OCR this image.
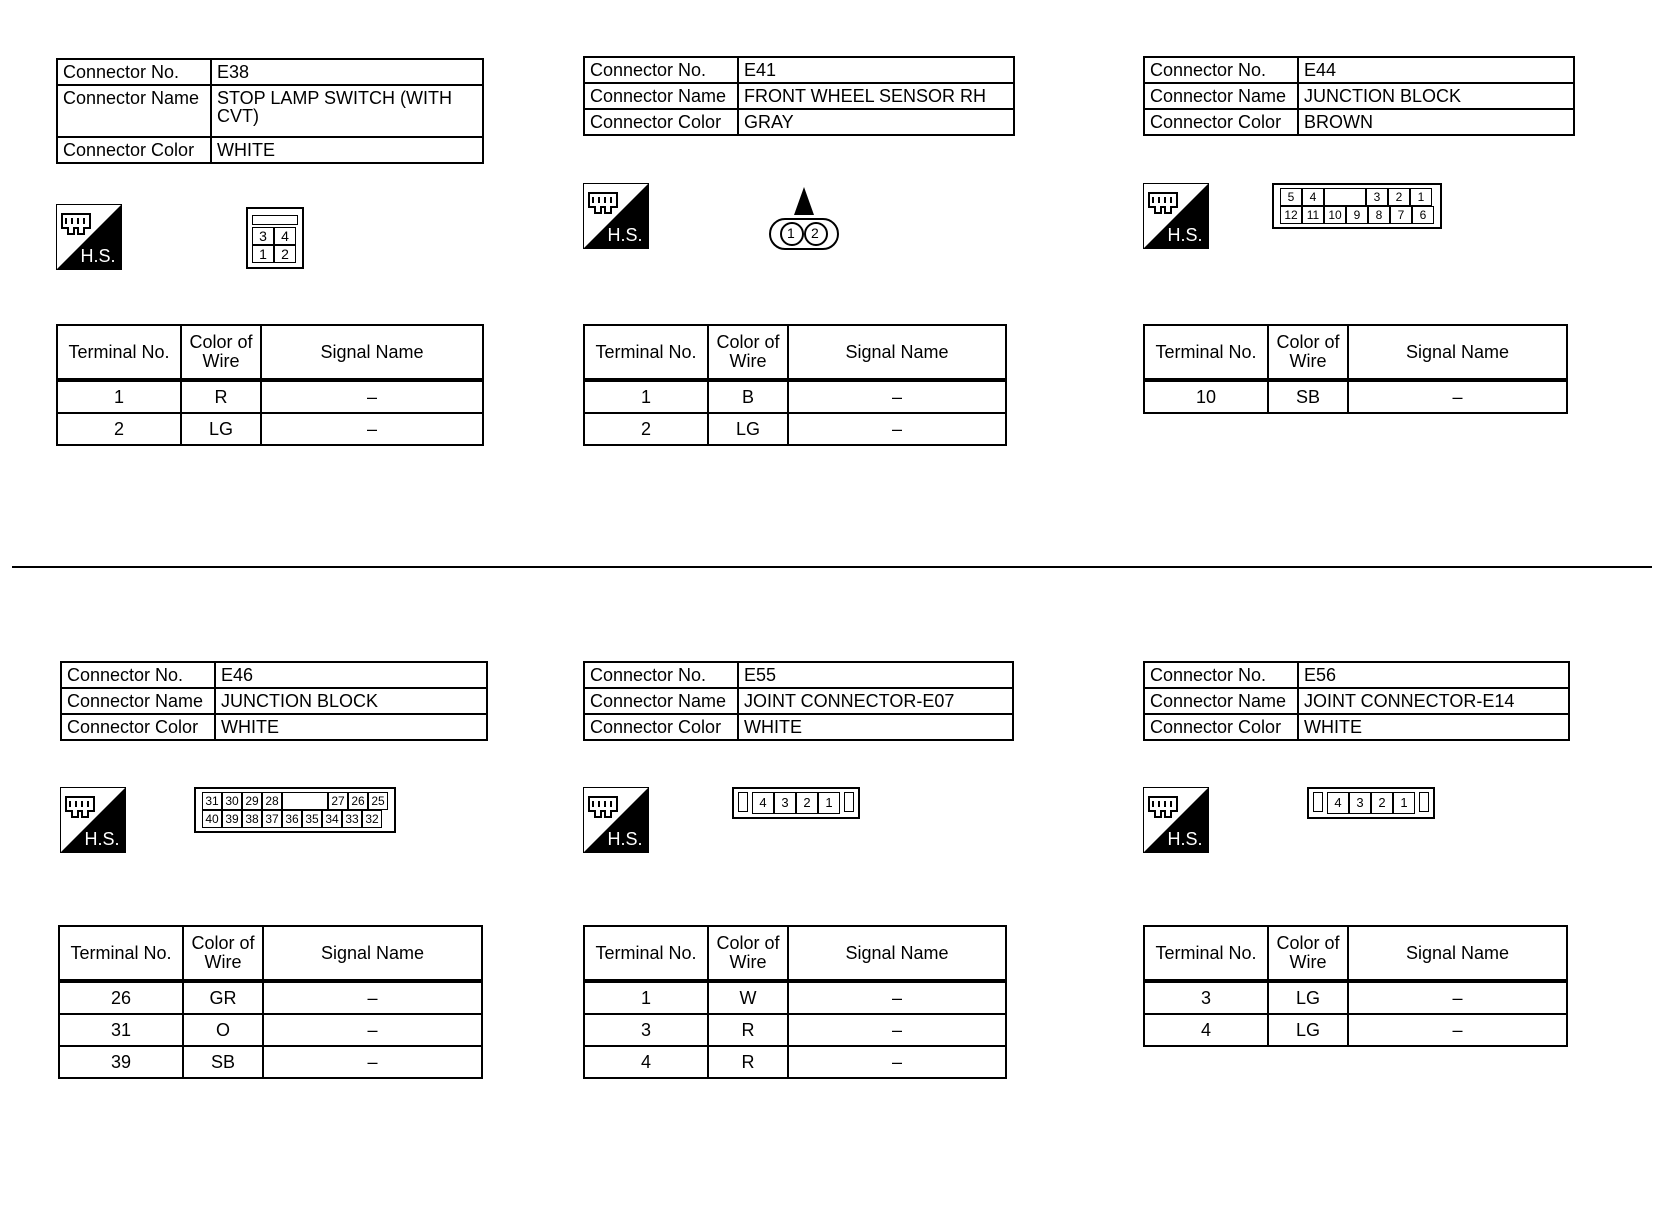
Connector No.	E38
Connector Name	STOP LAMP SWITCH (WITH CVT)
Connector Color	WHITE
H.S.
3	4
1	2
Terminal No.	Color of Wire	Signal Name
1	R	–
2	LG	–
Connector No.	E41
Connector Name	FRONT WHEEL SENSOR RH
Connector Color	GRAY
H.S.	1 2
Terminal No.	Color of Wire	Signal Name
1	B	–
2	LG	–
Connector No.	E44
Connector Name	JUNCTION BLOCK
Connector Color	BROWN
H.S.
5	4	3	2	1
12 11 10 9	8	7	6
Terminal No.	Color of Wire	Signal Name
10	SB	–
Connector No.	E46
Connector Name	JUNCTION BLOCK
Connector Color	WHITE
H.S.
31 30 29 28	27 26 25
40 39 38 37 36 35 34 33 32
Terminal No.	Color of Wire	Signal Name
26	GR	–
31	O	–
39	SB	–
Connector No.	E55
Connector Name	JOINT CONNECTOR-E07
Connector Color	WHITE
H.S.
4	3	2	1
Terminal No.	Color of Wire	Signal Name
1	W	–
3	R	–
4	R	–
Connector No.	E56
Connector Name	JOINT CONNECTOR-E14
Connector Color	WHITE
H.S.
4	3	2	1
Terminal No.	Color of Wire	Signal Name
3	LG	–
4	LG	–
